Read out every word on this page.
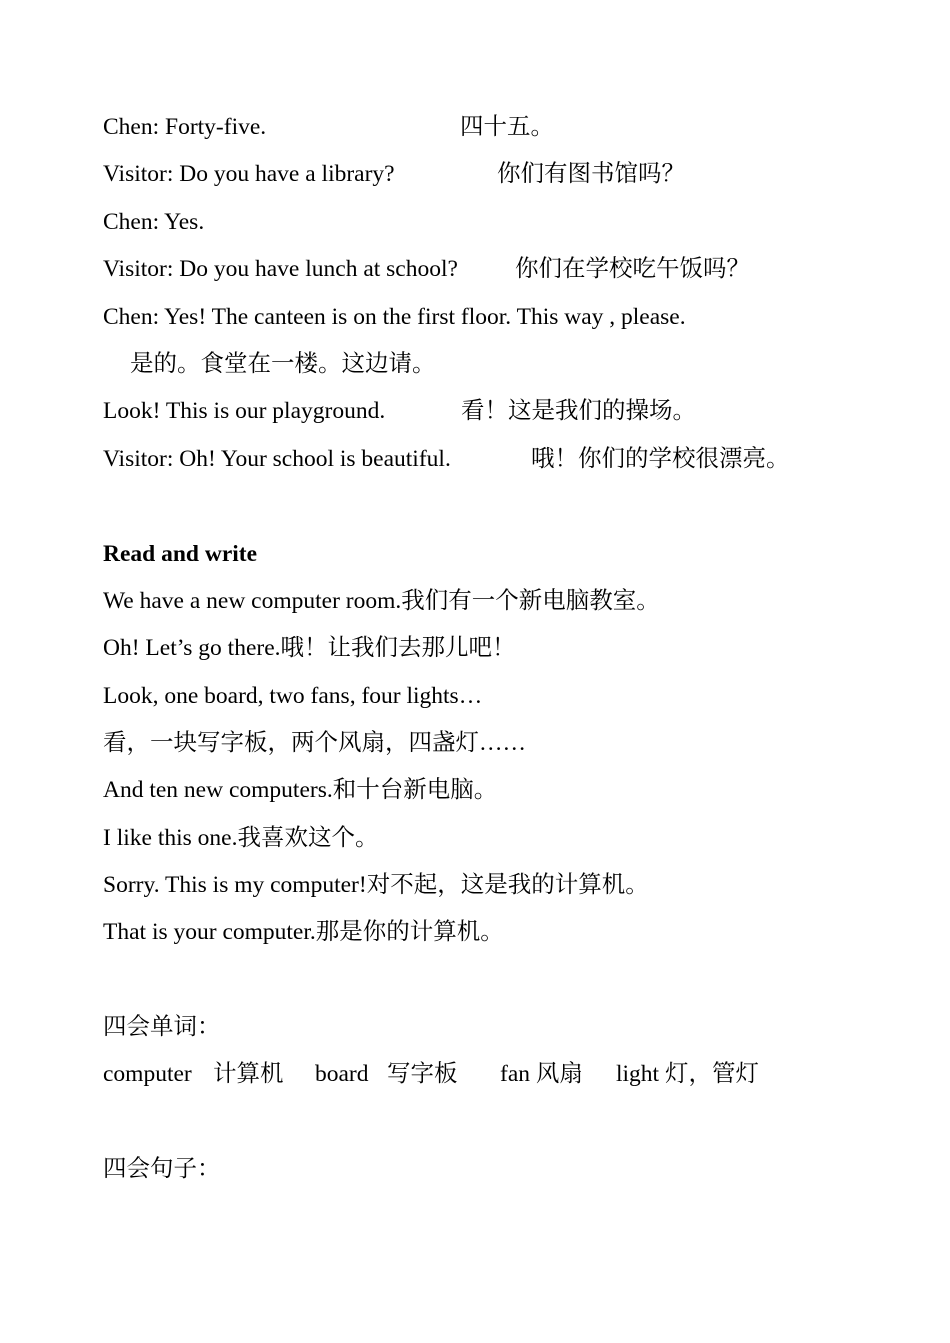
Chen: Forty-five.	四十五。
Visitor: Do you have a library?	你们有图书馆吗？
Chen: Yes.
Visitor: Do you have lunch at school? 你们在学校吃午饭吗？
Chen: Yes! The canteen is on the first floor. This way , please.
是的。食堂在一楼。这边请。
Look! This is our playground.	看！这是我们的操场。
Visitor: Oh! Your school is beautiful.	哦！你们的学校很漂亮。
Read and write
We have a new computer room.我们有一个新电脑教室。
Oh! Let’s go there.哦！让我们去那儿吧！
Look, one board, two fans, four lights…
看，一块写字板，两个风扇，四盏灯……
And ten new computers.和十台新电脑。
I like this one.我喜欢这个。
Sorry. This is my computer!对不起，这是我的计算机。
That is your computer.那是你的计算机。
四会单词：
computer 计算机 board 写字板 fan 风扇 light 灯，管灯
四会句子：
